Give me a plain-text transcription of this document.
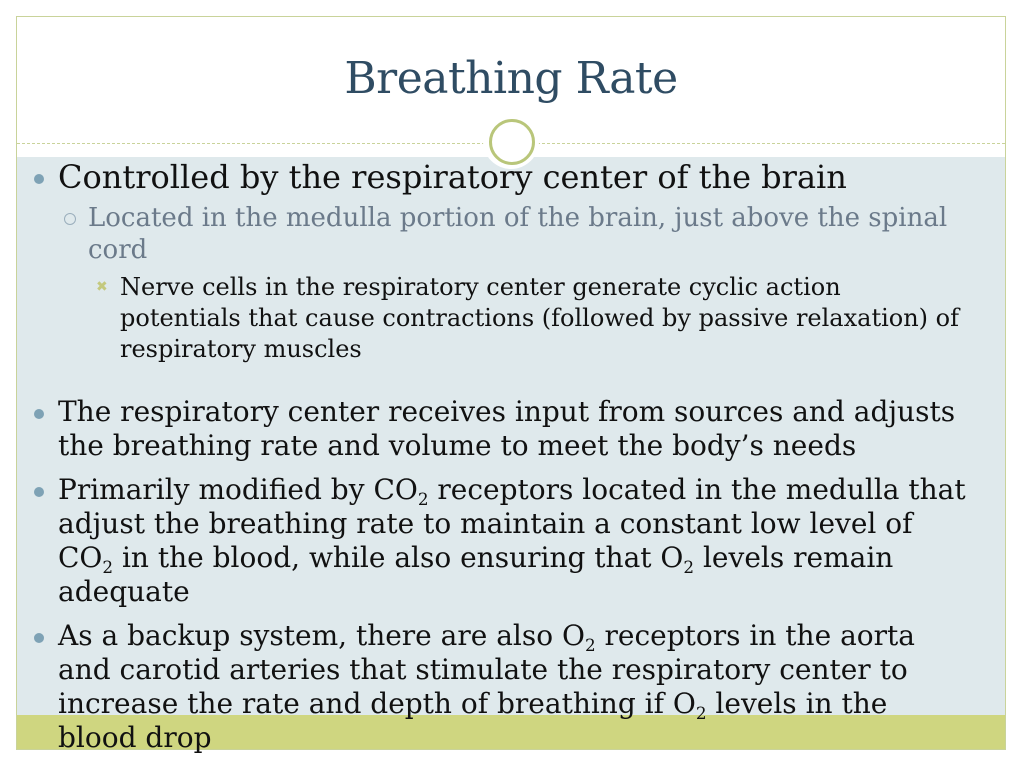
Breathing Rate
Controlled by the respiratory center of the brain
Located in the medulla portion of the brain, just above the spinal cord
✖ Nerve cells in the respiratory center generate cyclic action potentials that cause contractions (followed by passive relaxation) of respiratory muscles
The respiratory center receives input from sources and adjusts the breathing rate and volume to meet the body’s needs
Primarily modified by $CO_2$ receptors located in the medulla that adjust the breathing rate to maintain a constant low level of $CO_2$ in the blood, while also ensuring that $O_2$ levels remain adequate
As a backup system, there are also $O_2$ receptors in the aorta and carotid arteries that stimulate the respiratory center to increase the rate and depth of breathing if $O_2$ levels in the blood drop
